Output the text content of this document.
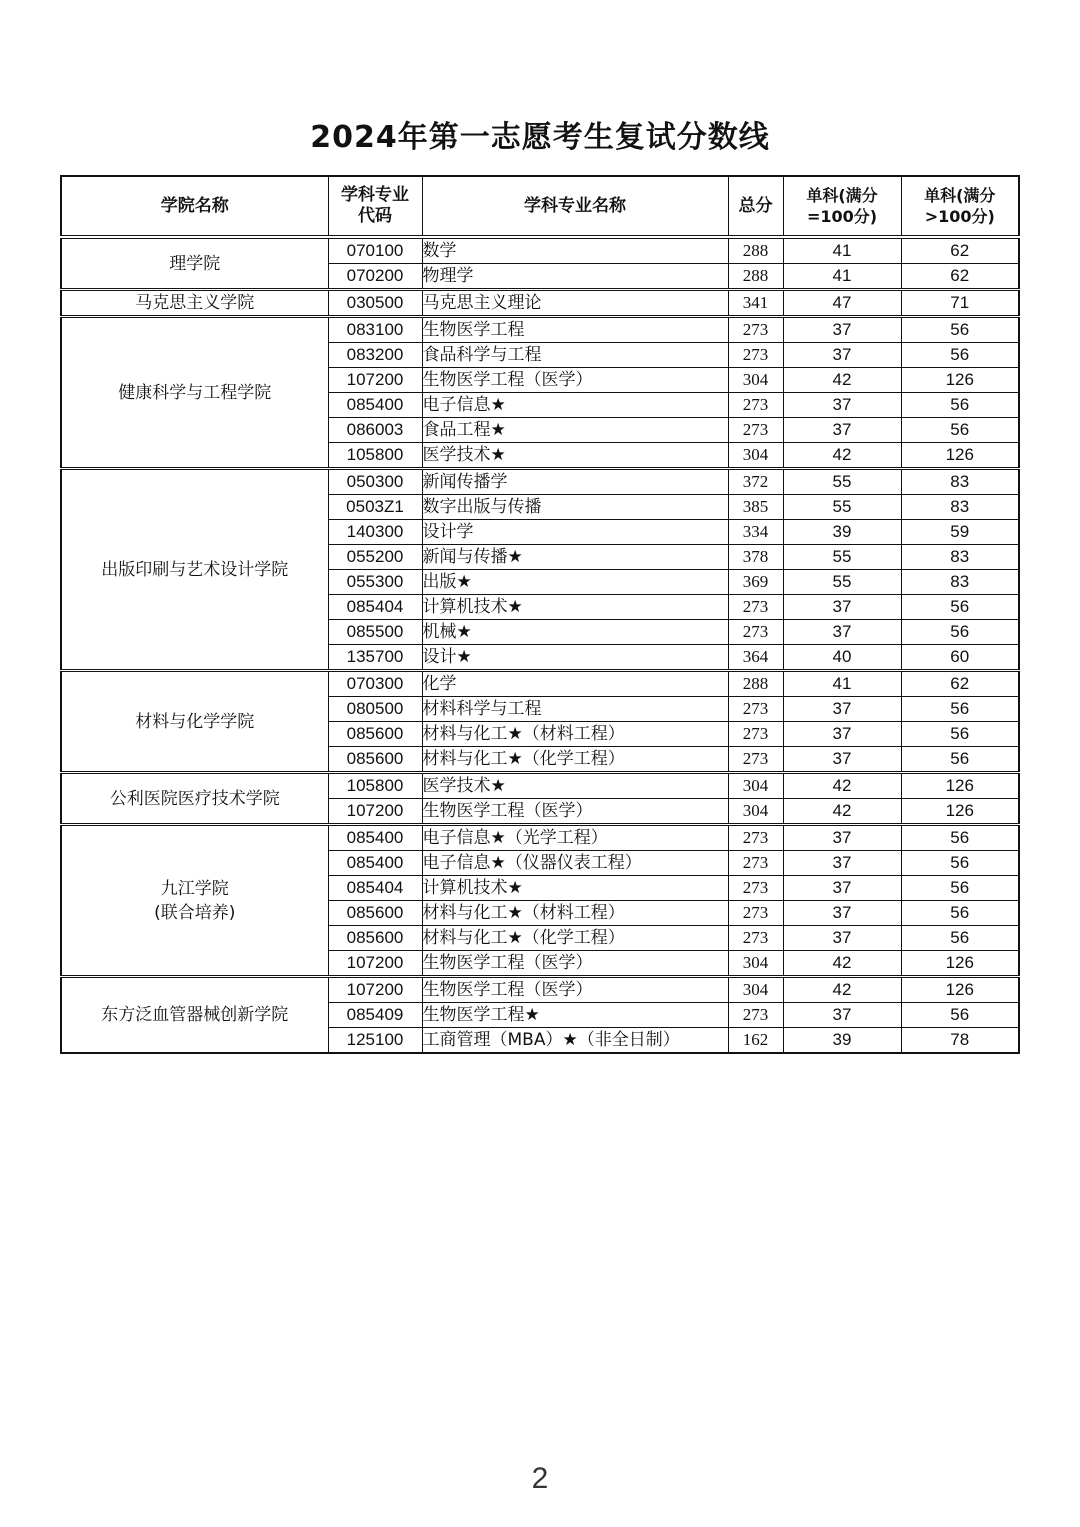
2024年第一志愿考生复试分数线
学院名称	学科专业代码	学科专业名称	总分	单科(满分=100分)	单科(满分>100分)

理学院	070100	数学	288	41	62
	070200	物理学	288	41	62

马克思主义学院	030500	马克思主义理论	341	47	71

健康科学与工程学院	083100	生物医学工程	273	37	56
	083200	食品科学与工程	273	37	56
	107200	生物医学工程（医学）	304	42	126
	085400	电子信息★	273	37	56
	086003	食品工程★	273	37	56
	105800	医学技术★	304	42	126

出版印刷与艺术设计学院	050300	新闻传播学	372	55	83
	0503Z1	数字出版与传播	385	55	83
	140300	设计学	334	39	59
	055200	新闻与传播★	378	55	83
	055300	出版★	369	55	83
	085404	计算机技术★	273	37	56
	085500	机械★	273	37	56
	135700	设计★	364	40	60

材料与化学学院	070300	化学	288	41	62
	080500	材料科学与工程	273	37	56
	085600	材料与化工★（材料工程）	273	37	56
	085600	材料与化工★（化学工程）	273	37	56

公利医院医疗技术学院	105800	医学技术★	304	42	126
	107200	生物医学工程（医学）	304	42	126

九江学院
(联合培养)	085400	电子信息★（光学工程）	273	37	56
	085400	电子信息★（仪器仪表工程）	273	37	56
	085404	计算机技术★	273	37	56
	085600	材料与化工★（材料工程）	273	37	56
	085600	材料与化工★（化学工程）	273	37	56
	107200	生物医学工程（医学）	304	42	126

东方泛血管器械创新学院	107200	生物医学工程（医学）	304	42	126
	085409	生物医学工程★	273	37	56
	125100	工商管理（MBA）★（非全日制）	162	39	78
2
